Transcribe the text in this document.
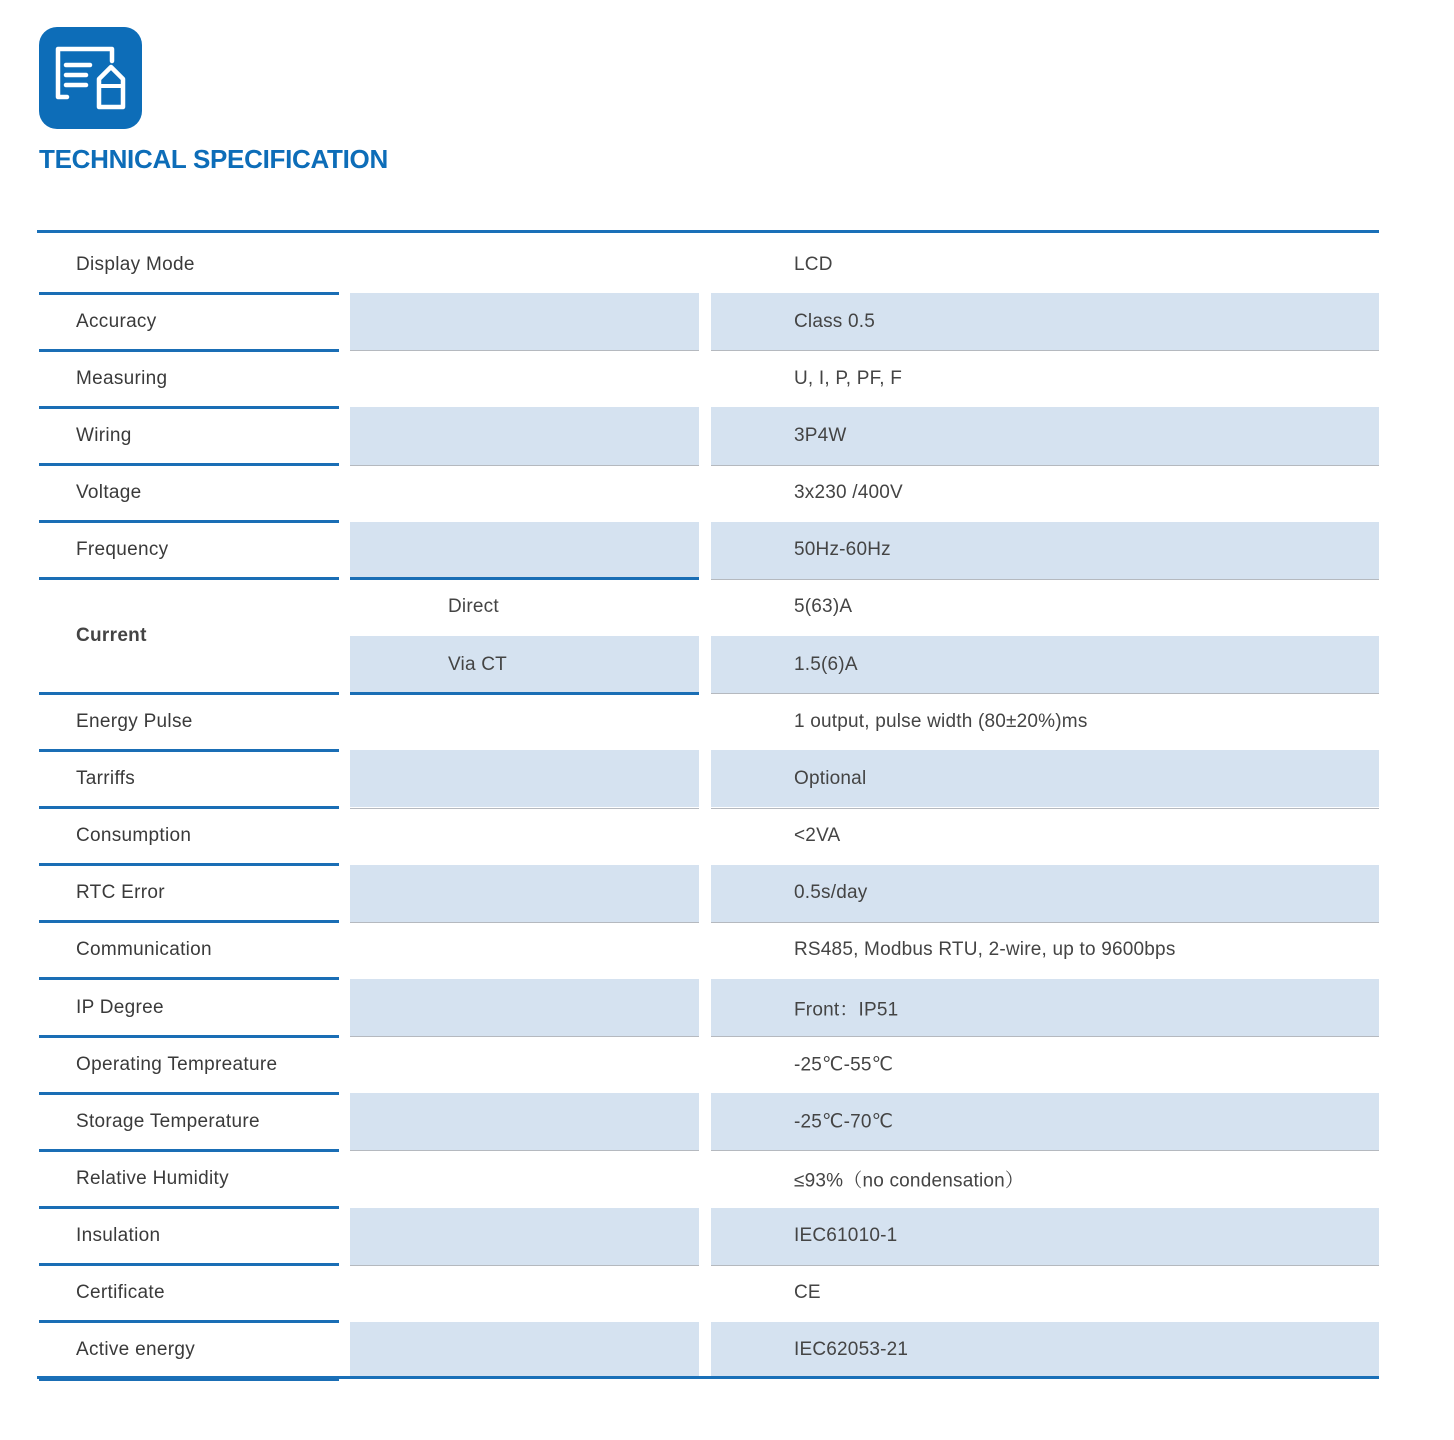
TECHNICAL SPECIFICATION
Display Mode	LCD
Accuracy	Class 0.5
Measuring	U, I, P, PF, F
Wiring	3P4W
Voltage	3x230 /400V
Frequency	50Hz-60Hz
Current
Direct	5(63)A
Via CT	1.5(6)A
Energy Pulse	1 output, pulse width (80±20%)ms
Tarriffs	Optional
Consumption	<2VA
RTC Error	0.5s/day
Communication	RS485, Modbus RTU, 2-wire, up to 9600bps
IP Degree	Front：IP51
Operating Tempreature	-25℃-55℃
Storage Temperature	-25℃-70℃
Relative Humidity	≤93%（no condensation）
Insulation	IEC61010-1
Certificate	CE
Active energy	IEC62053-21
